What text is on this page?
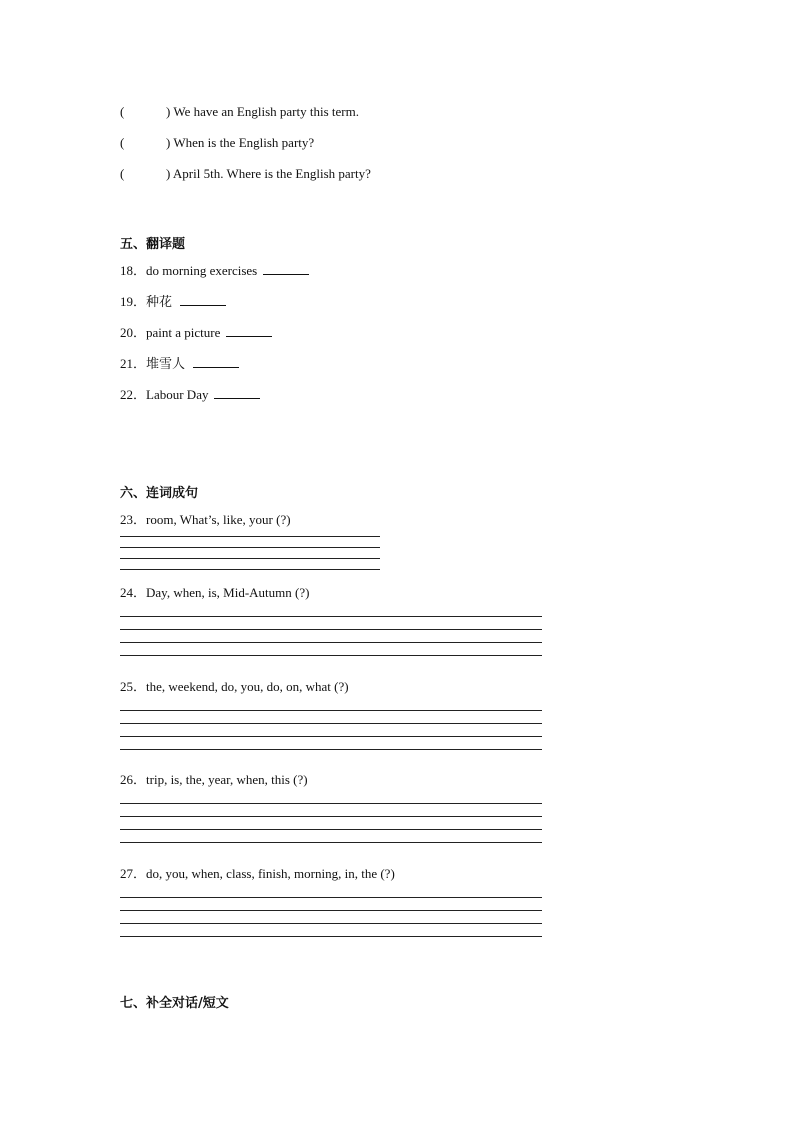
(	) We have an English party this term.
(	) When is the English party?
(	) April 5th. Where is the English party?
五、翻译题
18．do morning exercises
19．种花
20．paint a picture
21．堆雪人
22．Labour Day
六、连词成句
23．room, What’s, like, your (?)
24．Day, when, is, Mid-Autumn (?)
25．the, weekend, do, you, do, on, what (?)
26．trip, is, the, year, when, this (?)
27．do, you, when, class, finish, morning, in, the (?)
七、补全对话/短文
